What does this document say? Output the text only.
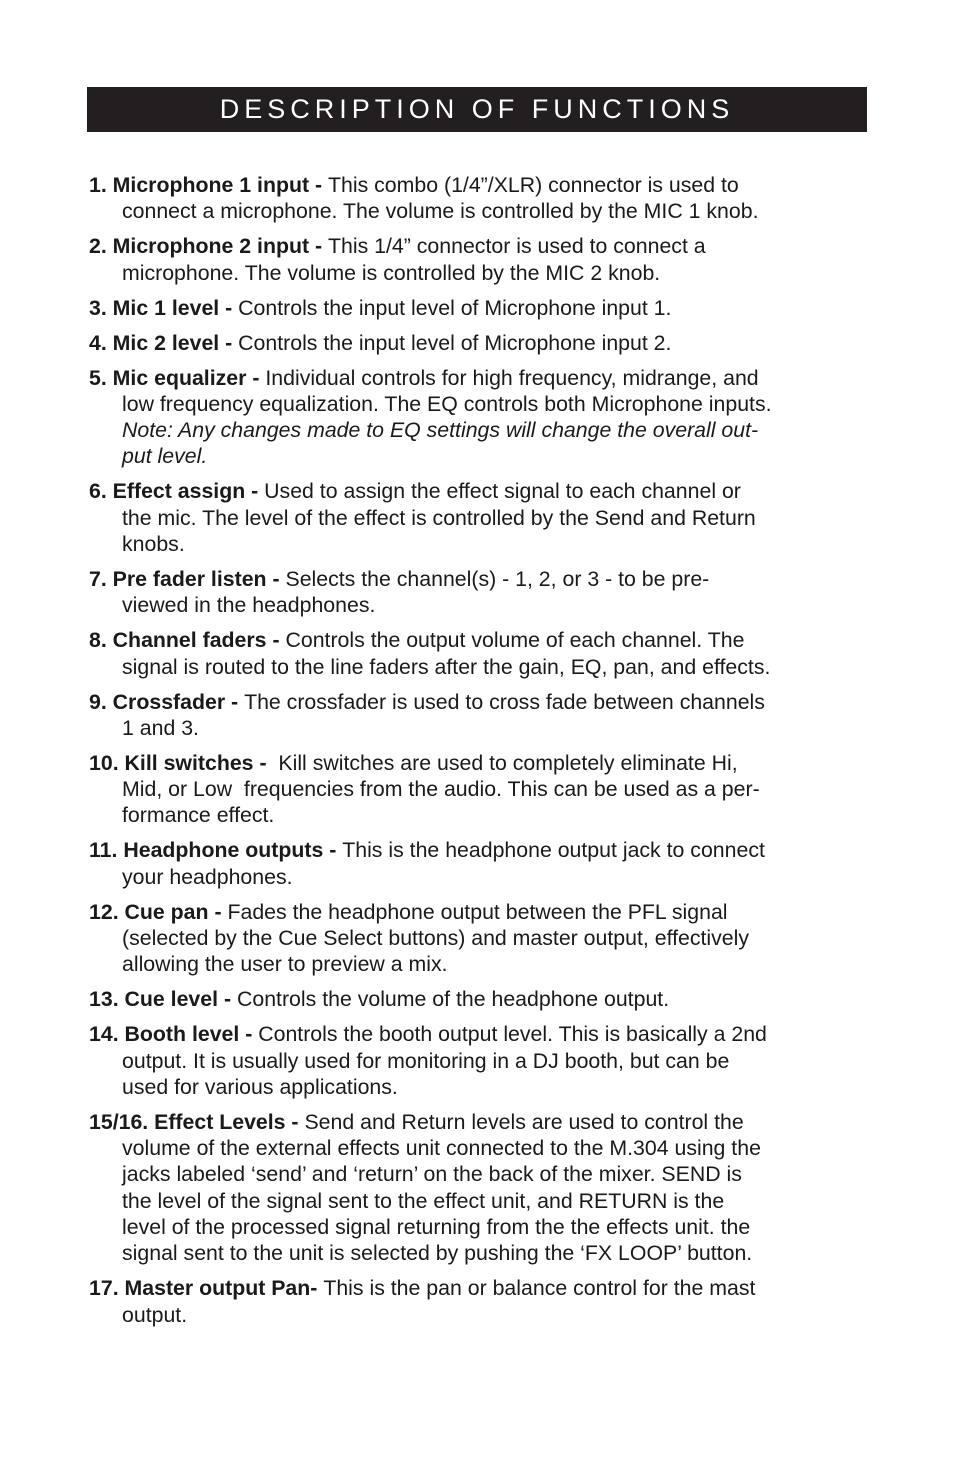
DESCRIPTION OF FUNCTIONS
1. Microphone 1 input - This combo (1/4”/XLR) connector is used to
connect a microphone. The volume is controlled by the MIC 1 knob.
2. Microphone 2 input - This 1/4” connector is used to connect a
microphone. The volume is controlled by the MIC 2 knob.
3. Mic 1 level - Controls the input level of Microphone input 1.
4. Mic 2 level - Controls the input level of Microphone input 2.
5. Mic equalizer - Individual controls for high frequency, midrange, and
low frequency equalization. The EQ controls both Microphone inputs.
Note: Any changes made to EQ settings will change the overall out-
put level.
6. Effect assign - Used to assign the effect signal to each channel or
the mic. The level of the effect is controlled by the Send and Return
knobs.
7. Pre fader listen - Selects the channel(s) - 1, 2, or 3 - to be pre-
viewed in the headphones.
8. Channel faders - Controls the output volume of each channel. The
signal is routed to the line faders after the gain, EQ, pan, and effects.
9. Crossfader - The crossfader is used to cross fade between channels
1 and 3.
10. Kill switches -  Kill switches are used to completely eliminate Hi,
Mid, or Low  frequencies from the audio. This can be used as a per-
formance effect.
11. Headphone outputs - This is the headphone output jack to connect
your headphones.
12. Cue pan - Fades the headphone output between the PFL signal
(selected by the Cue Select buttons) and master output, effectively
allowing the user to preview a mix.
13. Cue level - Controls the volume of the headphone output.
14. Booth level - Controls the booth output level. This is basically a 2nd
output. It is usually used for monitoring in a DJ booth, but can be
used for various applications.
15/16. Effect Levels - Send and Return levels are used to control the
volume of the external effects unit connected to the M.304 using the
jacks labeled ‘send’ and ‘return’ on the back of the mixer. SEND is
the level of the signal sent to the effect unit, and RETURN is the
level of the processed signal returning from the the effects unit. the
signal sent to the unit is selected by pushing the ‘FX LOOP’ button.
17. Master output Pan- This is the pan or balance control for the mast
output.
